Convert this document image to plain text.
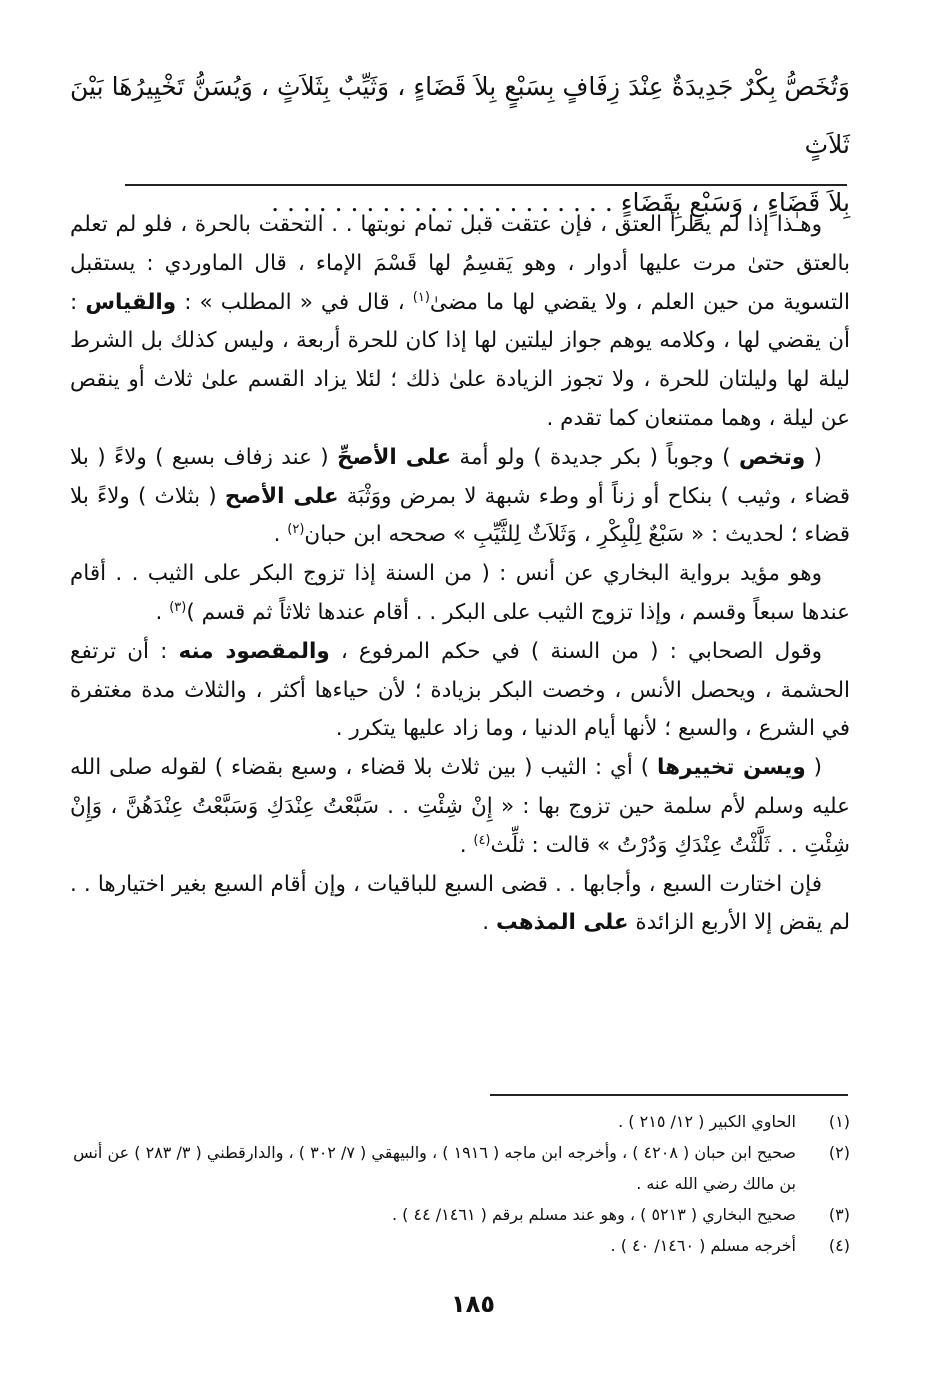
وَتُخَصُّ بِكْرٌ جَدِيدَةٌ عِنْدَ زِفَافٍ بِسَبْعٍ بِلاَ قَضَاءٍ ، وَثَيِّبٌ بِثَلاَثٍ ، وَيُسَنُّ تَخْيِيرُهَا بَيْنَ ثَلاَثٍ
بِلاَ قَضَاءٍ ، وَسَبْعٍ بِقَضَاءٍ . . . . . . . . . . . . . . . . . . . . . .

وهـٰذا إذا لم يطرأ العتق ، فإن عتقت قبل تمام نوبتها . . التحقت بالحرة ، فلو لم تعلم بالعتق حتىٰ مرت عليها أدوار ، وهو يَقسِمُ لها قَسْمَ الإماء ، قال الماوردي : يستقبل التسوية من حين العلم ، ولا يقضي لها ما مضىٰ$^{(١)}$ ، قال في « المطلب » : والقياس : أن يقضي لها ، وكلامه يوهم جواز ليلتين لها إذا كان للحرة أربعة ، وليس كذلك بل الشرط ليلة لها وليلتان للحرة ، ولا تجوز الزيادة علىٰ ذلك ؛ لئلا يزاد القسم علىٰ ثلاث أو ينقص عن ليلة ، وهما ممتنعان كما تقدم .

( وتخص ) وجوباً ( بكر جديدة ) ولو أمة على الأصحِّ ( عند زفاف بسبع ) ولاءً ( بلا قضاء ، وثيب ) بنكاح أو زناً أو وطء شبهة لا بمرض ووَثْبَة على الأصح ( بثلاث ) ولاءً بلا قضاء ؛ لحديث : « سَبْعٌ لِلْبِكْرِ ، وَثَلاَثٌ لِلثَّيِّبِ » صححه ابن حبان$^{(٢)}$ .

وهو مؤيد برواية البخاري عن أنس : ( من السنة إذا تزوج البكر على الثيب . . أقام عندها سبعاً وقسم ، وإذا تزوج الثيب على البكر . . أقام عندها ثلاثاً ثم قسم )$^{(٣)}$ .

وقول الصحابي : ( من السنة ) في حكم المرفوع ، والمقصود منه : أن ترتفع الحشمة ، ويحصل الأنس ، وخصت البكر بزيادة ؛ لأن حياءها أكثر ، والثلاث مدة مغتفرة في الشرع ، والسبع ؛ لأنها أيام الدنيا ، وما زاد عليها يتكرر .

( ويسن تخييرها ) أي : الثيب ( بين ثلاث بلا قضاء ، وسبع بقضاء ) لقوله صلى الله عليه وسلم لأم سلمة حين تزوج بها : « إِنْ شِئْتِ . . سَبَّعْتُ عِنْدَكِ وَسَبَّعْتُ عِنْدَهُنَّ ، وَإِنْ شِئْتِ . . ثَلَّثْتُ عِنْدَكِ وَدُرْتُ » قالت : ثلِّث$^{(٤)}$ .

فإن اختارت السبع ، وأجابها . . قضى السبع للباقيات ، وإن أقام السبع بغير اختيارها . . لم يقض إلا الأربع الزائدة على المذهب .

(١)
الحاوي الكبير ( ١٢/ ٢١٥ ) .
(٢)
صحيح ابن حبان ( ٤٢٠٨ ) ، وأخرجه ابن ماجه ( ١٩١٦ ) ، والبيهقي ( ٧/ ٣٠٢ ) ، والدارقطني ( ٣/ ٢٨٣ ) عن أنس بن مالك رضي الله عنه .
(٣)
صحيح البخاري ( ٥٢١٣ ) ، وهو عند مسلم برقم ( ١٤٦١/ ٤٤ ) .
(٤)
أخرجه مسلم ( ١٤٦٠/ ٤٠ ) .
١٨٥
